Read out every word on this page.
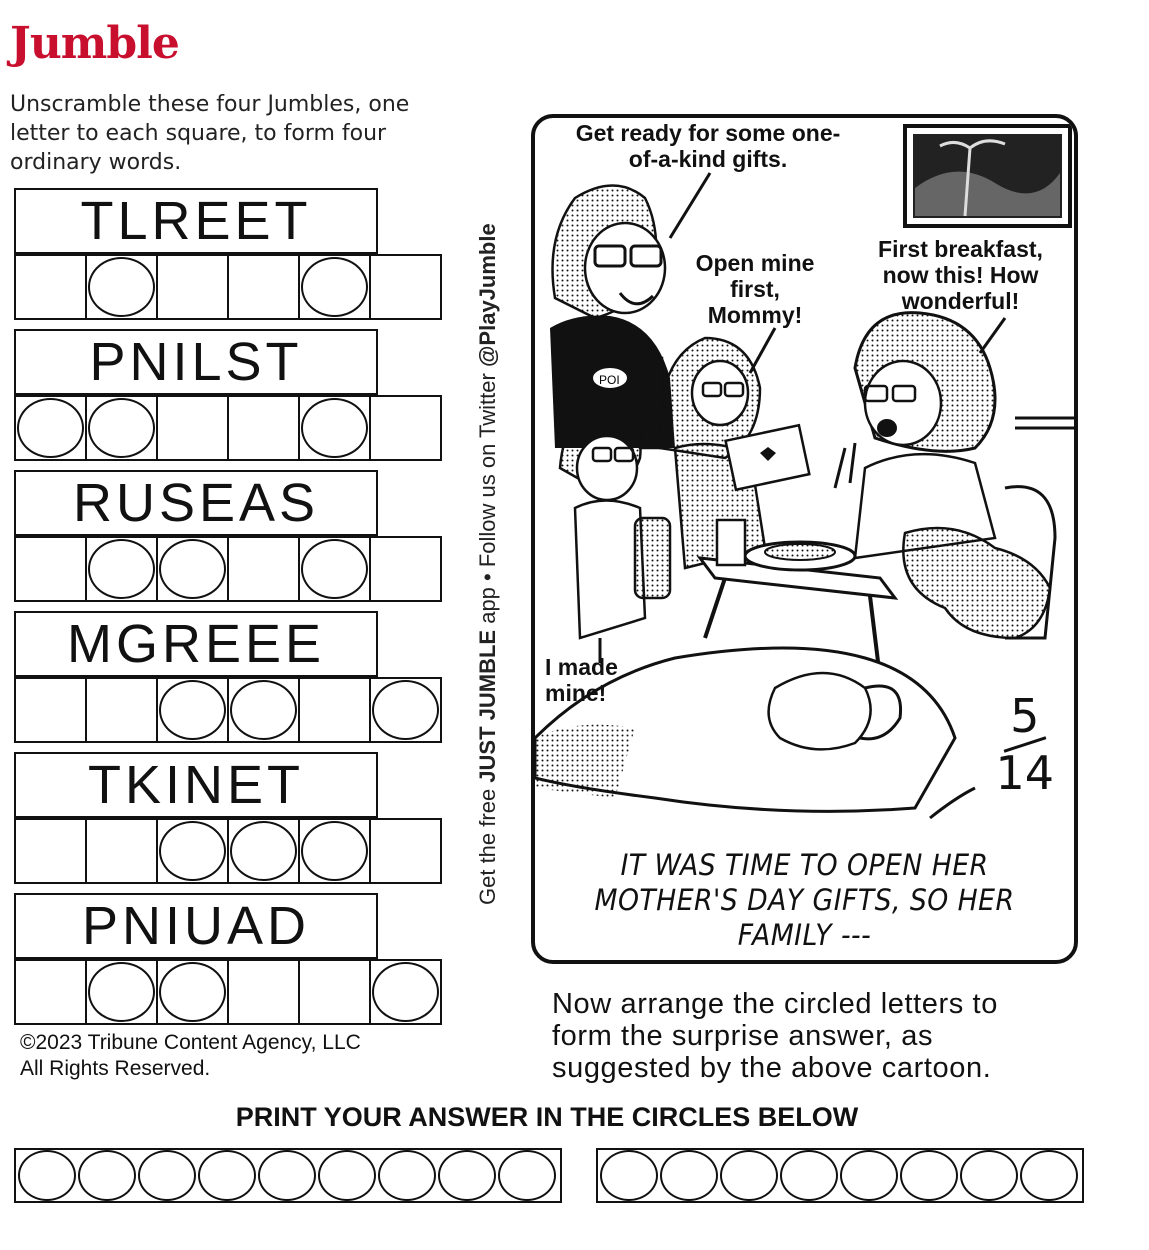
Jumble
Unscramble these four Jumbles, one letter to each square, to form four ordinary words.
TLREET
PNILST
RUSEAS
MGREEE
TKINET
PNIUAD
Get the free JUST JUMBLE app • Follow us on Twitter @PlayJumble
POI
Get ready for some one-of-a-kind gifts.
Open mine first, Mommy!
First breakfast, now this! How wonderful!
I made mine!	5
14
IT WAS TIME TO OPEN HER MOTHER'S DAY GIFTS, SO HER FAMILY ---
Now arrange the circled letters to form the surprise answer, as suggested by the above cartoon.
©2023 Tribune Content Agency, LLC
All Rights Reserved.
PRINT YOUR ANSWER IN THE CIRCLES BELOW
